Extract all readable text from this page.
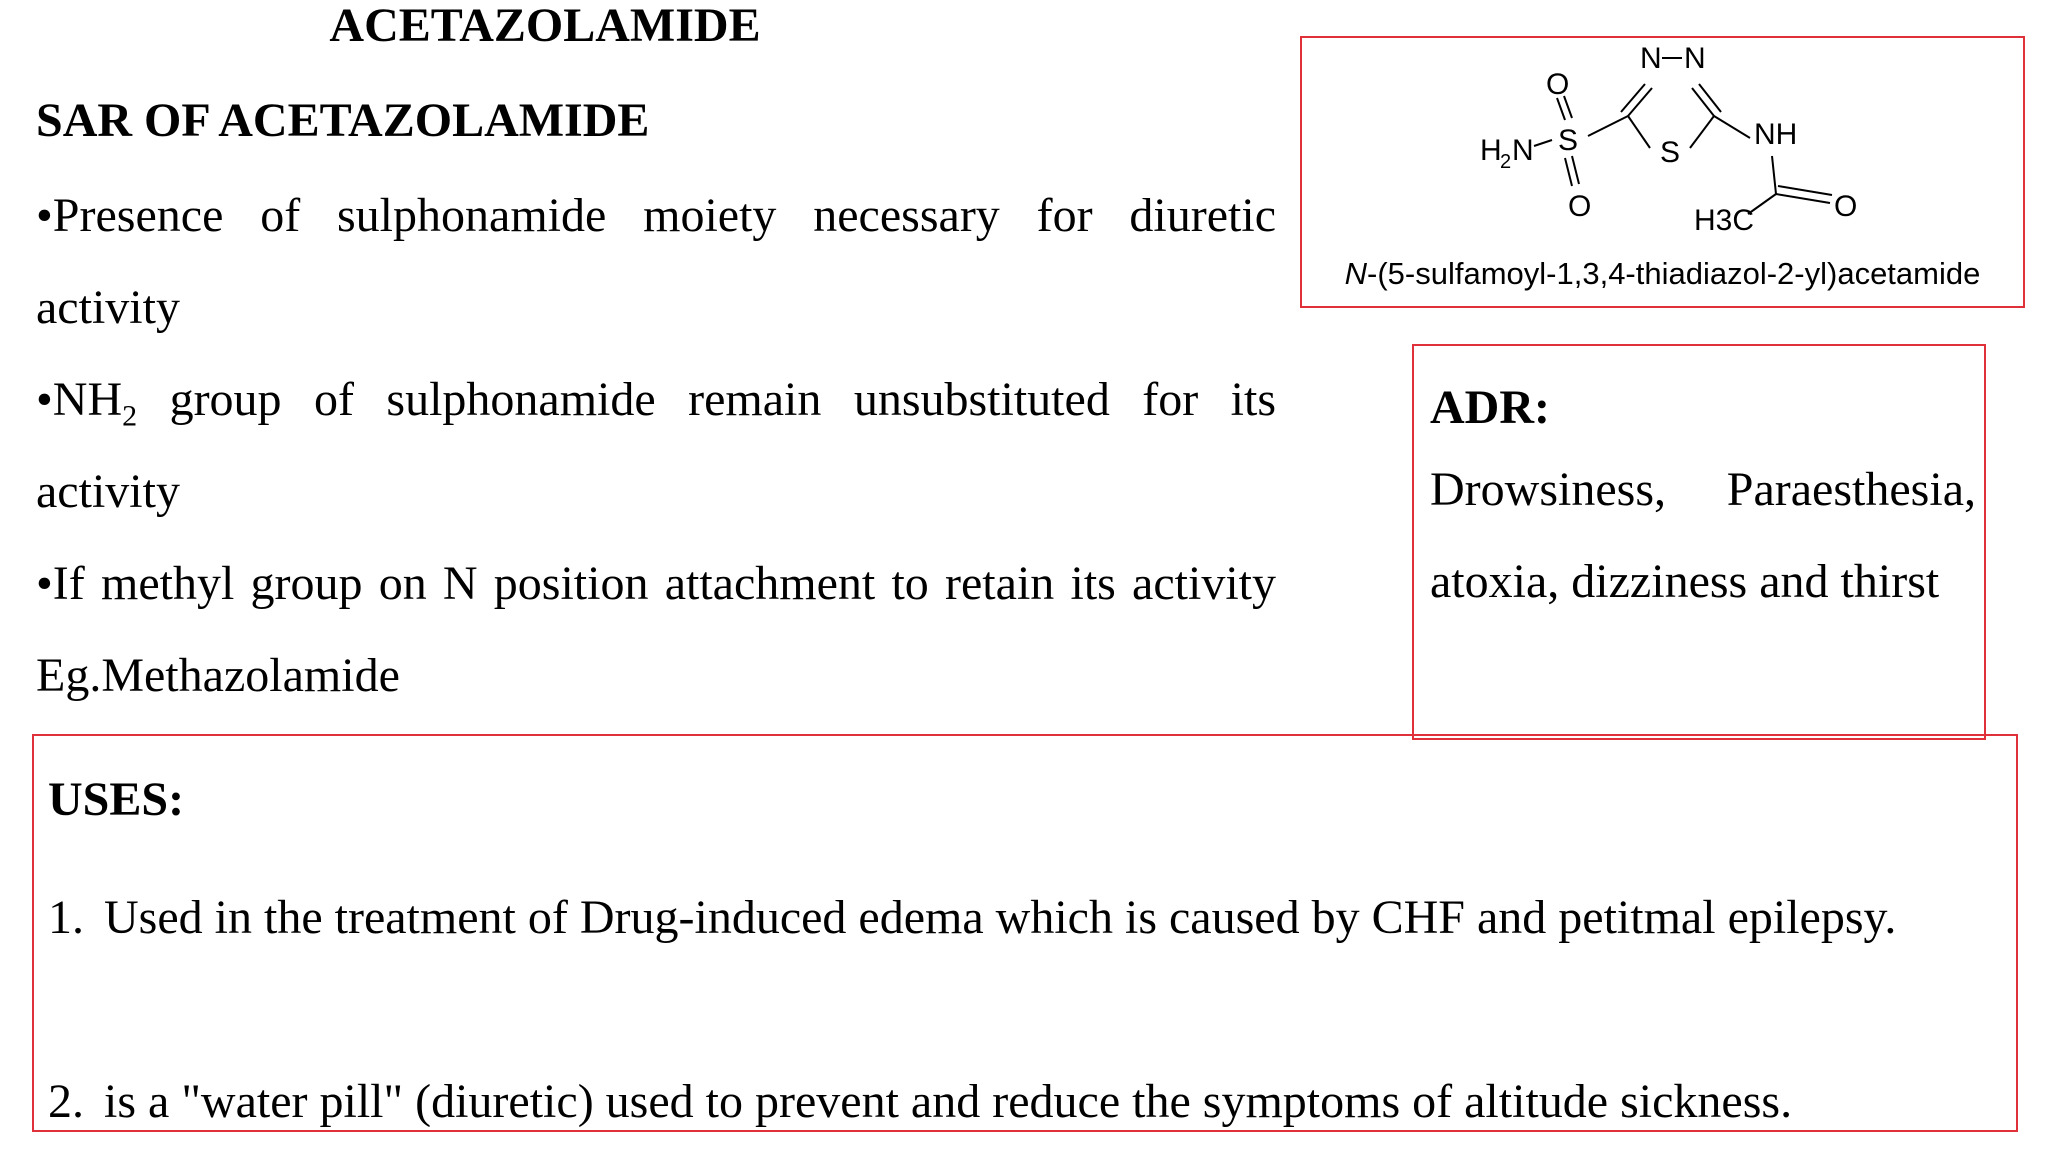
ACETAZOLAMIDE
SAR OF ACETAZOLAMIDE
•Presence of sulphonamide moiety necessary for diuretic activity
$•NH_2$ group of sulphonamide remain unsubstituted for its activity
•If methyl group on N position attachment to retain its activity Eg.Methazolamide
N N
S
S
O
O
H
2 N	NH
O
H3C
N-(5-sulfamoyl-1,3,4-thiadiazol-2-yl)acetamide
ADR:
Drowsiness, Paraesthesia, atoxia, dizziness and thirst
USES:
1. Used in the treatment of Drug-induced edema which is caused by CHF and petitmal epilepsy.
2. is a "water pill" (diuretic) used to prevent and reduce the symptoms of altitude sickness.
